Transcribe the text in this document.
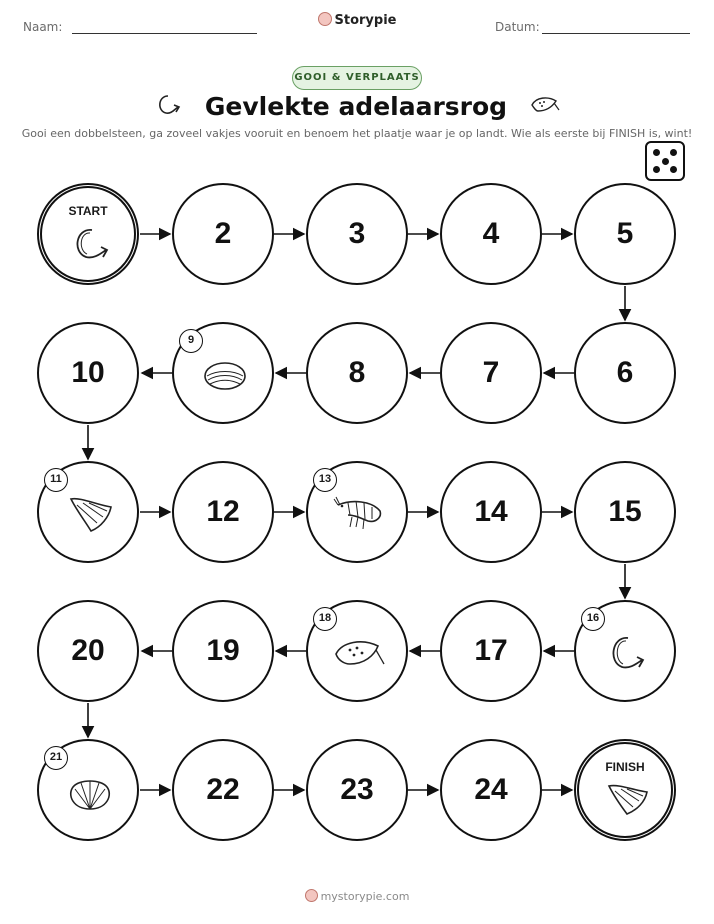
Naam:	Storypie	Datum:
GOOI & VERPLAATS
Gevlekte adelaarsrog
Gooi een dobbelsteen, ga zoveel vakjes vooruit en benoem het plaatje waar je op landt. Wie als eerste bij FINISH is, wint!
START
2	3	4	5
10
9
8	7	6
11
12
13
14	15
20	19
18
17
16
21
22	23	24
FINISH
mystorypie.com
